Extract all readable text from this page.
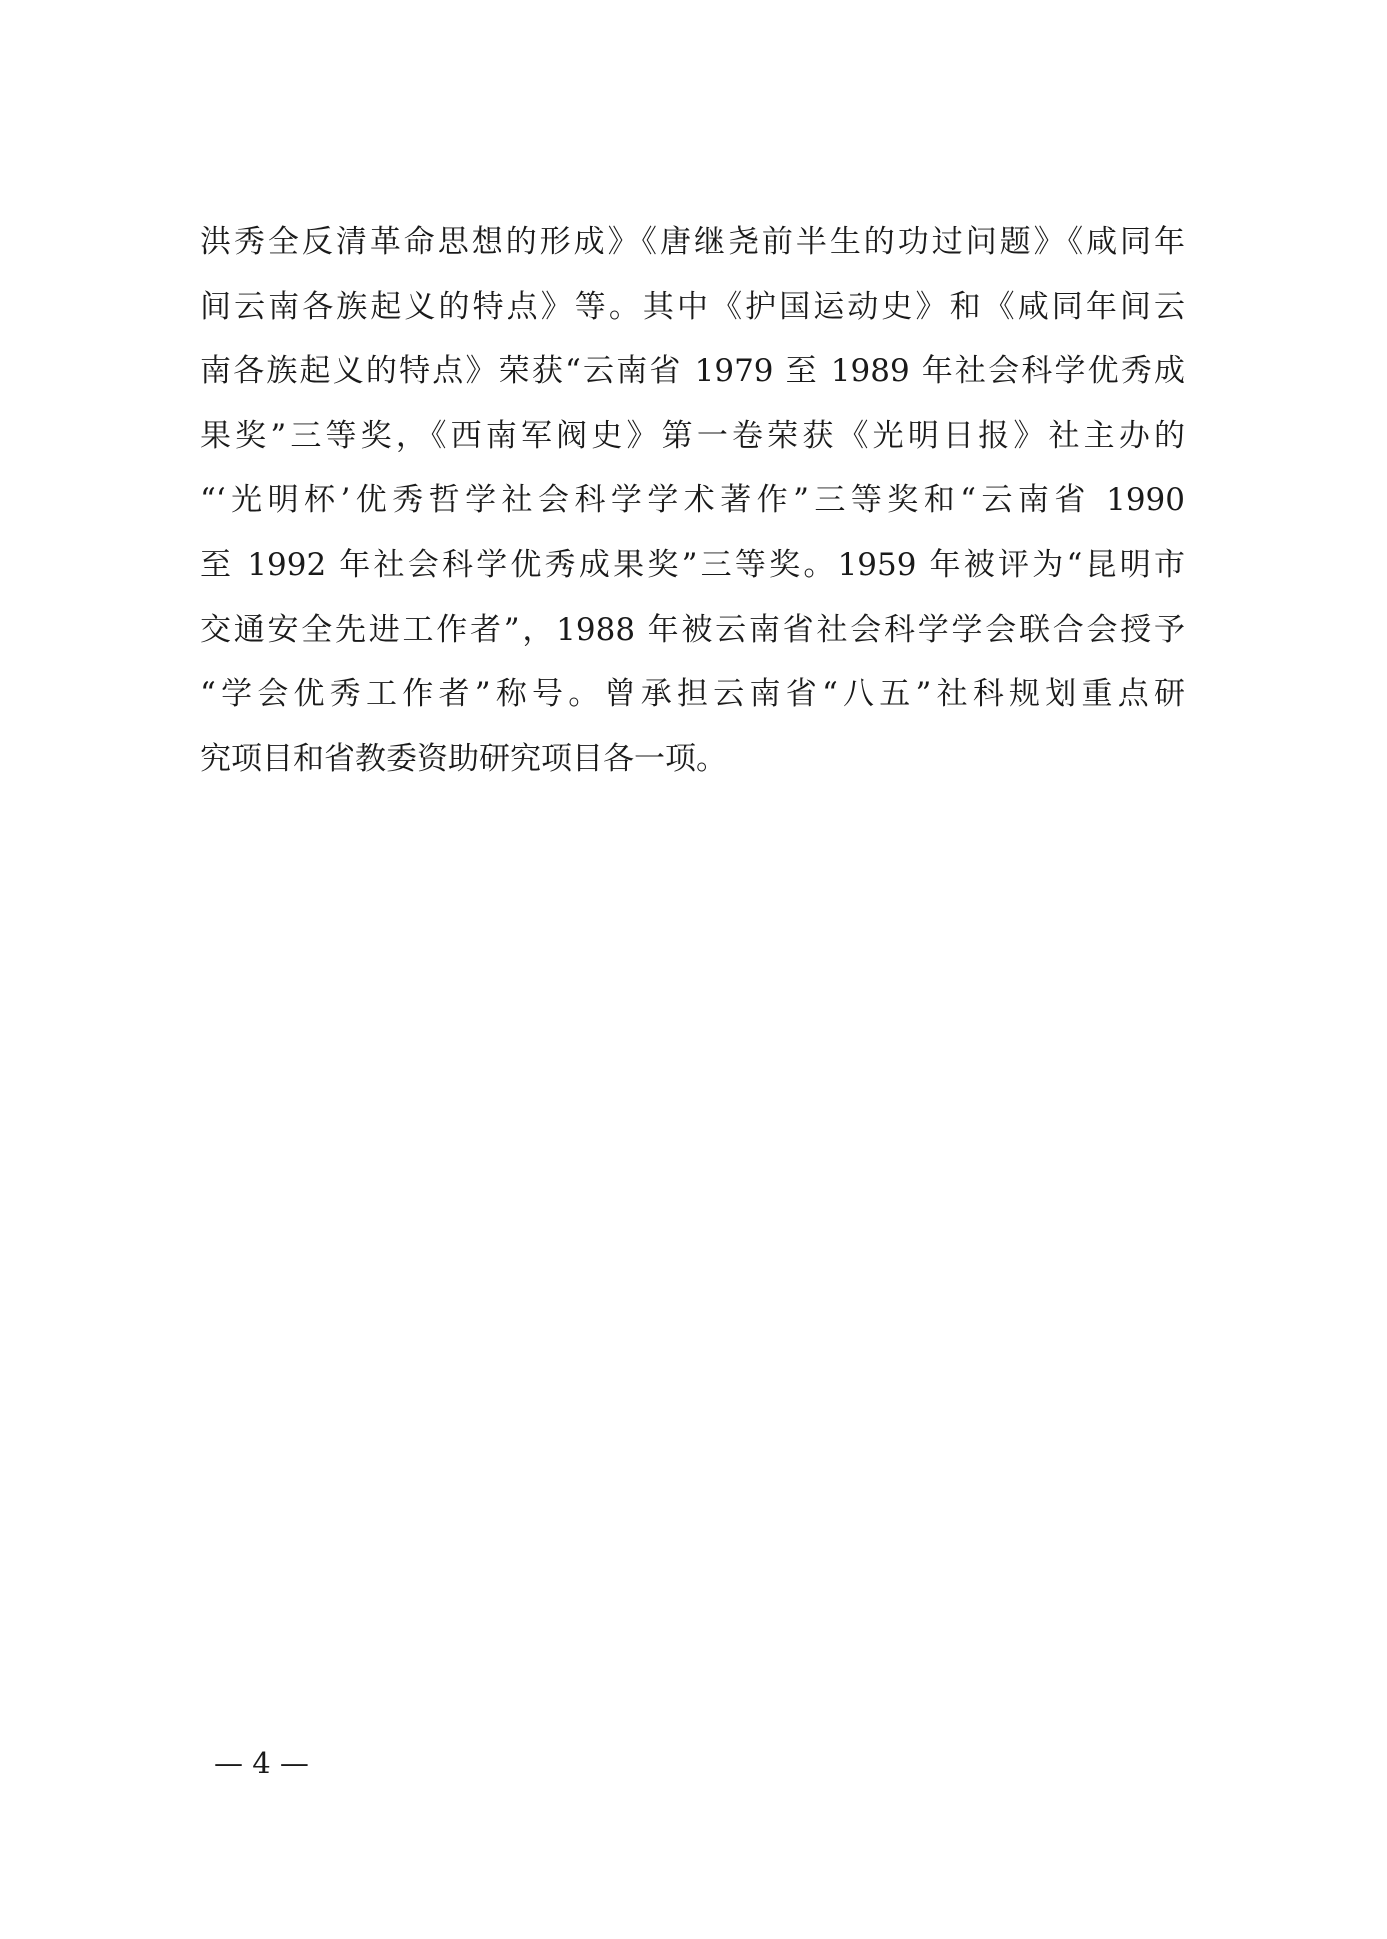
洪秀全反清革命思想的形成》《唐继尧前半生的功过问题》《咸同年
间云南各族起义的特点》等。其中《护国运动史》和《咸同年间云
南各族起义的特点》荣获“云南省 1979 至 1989 年社会科学优秀成
果奖”三等奖，《西南军阀史》第一卷荣获《光明日报》社主办的
“‘光明杯’优秀哲学社会科学学术著作”三等奖和“云南省 1990
至 1992 年社会科学优秀成果奖”三等奖。1959 年被评为“昆明市
交通安全先进工作者”，1988 年被云南省社会科学学会联合会授予
“学会优秀工作者”称号。曾承担云南省“八五”社科规划重点研
究项目和省教委资助研究项目各一项。
— 4 —
